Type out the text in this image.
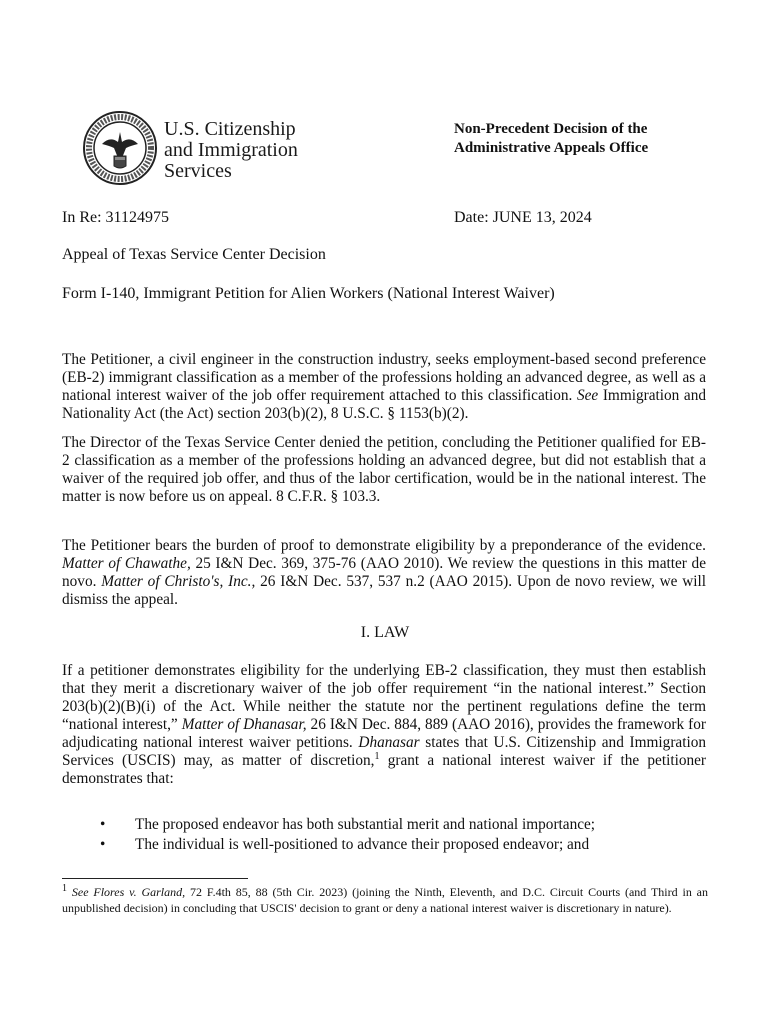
U.S. Citizenship
and Immigration
Services
Non-Precedent Decision of the
Administrative Appeals Office
In Re: 31124975	Date: JUNE 13, 2024
Appeal of Texas Service Center Decision
Form I-140, Immigrant Petition for Alien Workers (National Interest Waiver)
The Petitioner, a civil engineer in the construction industry, seeks employment-based second preference (EB-2) immigrant classification as a member of the professions holding an advanced degree, as well as a national interest waiver of the job offer requirement attached to this classification. See Immigration and Nationality Act (the Act) section 203(b)(2), 8 U.S.C. § 1153(b)(2).
The Director of the Texas Service Center denied the petition, concluding the Petitioner qualified for EB-2 classification as a member of the professions holding an advanced degree, but did not establish that a waiver of the required job offer, and thus of the labor certification, would be in the national interest. The matter is now before us on appeal. 8 C.F.R. § 103.3.
The Petitioner bears the burden of proof to demonstrate eligibility by a preponderance of the evidence. Matter of Chawathe, 25 I&N Dec. 369, 375-76 (AAO 2010). We review the questions in this matter de novo. Matter of Christo's, Inc., 26 I&N Dec. 537, 537 n.2 (AAO 2015). Upon de novo review, we will dismiss the appeal.
I. LAW
If a petitioner demonstrates eligibility for the underlying EB-2 classification, they must then establish that they merit a discretionary waiver of the job offer requirement “in the national interest.” Section 203(b)(2)(B)(i) of the Act. While neither the statute nor the pertinent regulations define the term “national interest,” Matter of Dhanasar, 26 I&N Dec. 884, 889 (AAO 2016), provides the framework for adjudicating national interest waiver petitions. Dhanasar states that U.S. Citizenship and Immigration Services (USCIS) may, as matter of discretion,$^1$ grant a national interest waiver if the petitioner demonstrates that:
•	The proposed endeavor has both substantial merit and national importance;
•	The individual is well-positioned to advance their proposed endeavor; and
$^1$ See Flores v. Garland, 72 F.4th 85, 88 (5th Cir. 2023) (joining the Ninth, Eleventh, and D.C. Circuit Courts (and Third in an unpublished decision) in concluding that USCIS' decision to grant or deny a national interest waiver is discretionary in nature).
